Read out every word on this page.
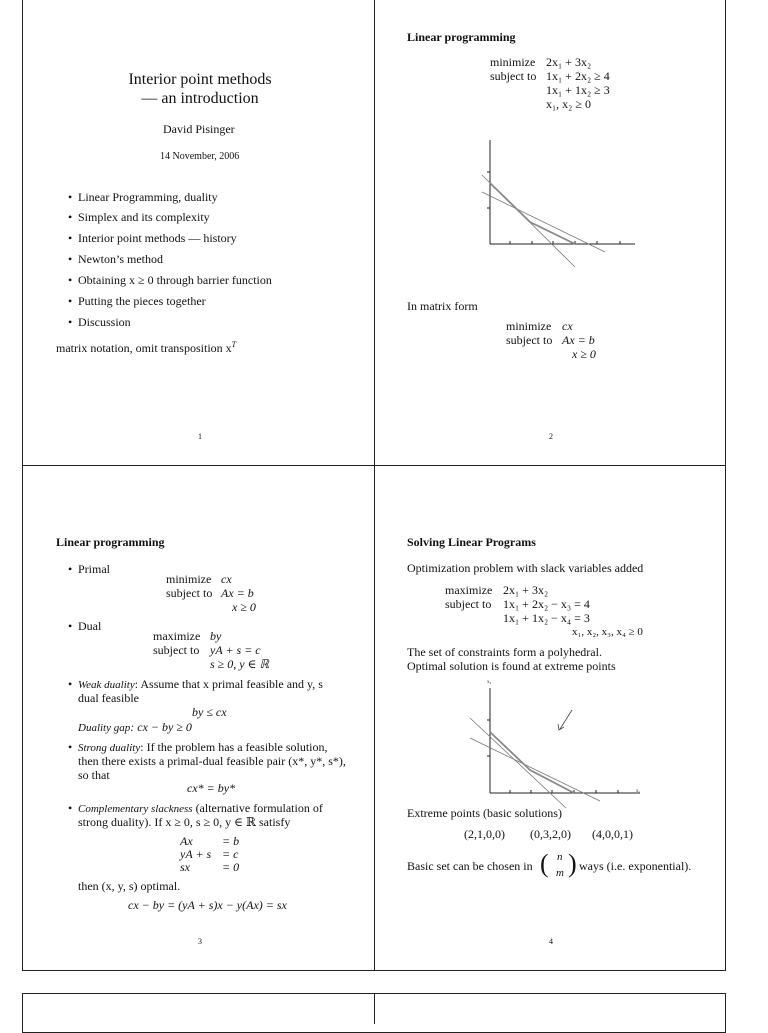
Interior point methods
— an introduction
David Pisinger
14 November, 2006
• Linear Programming, duality
• Simplex and its complexity
• Interior point methods — history
• Newton’s method
• Obtaining x ≥ 0 through barrier function
• Putting the pieces together
• Discussion
matrix notation, omit transposition $x^T$
1
Linear programming
minimize 2x₁ + 3x₂
subject to 1x₁ + 2x₂ ≥ 4
1x₁ + 1x₂ ≥ 3
x₁, x₂ ≥ 0
In matrix form
minimize cx
subject to Ax = b
x ≥ 0
2
Linear programming
• Primal
minimize cx
subject to Ax = b
x ≥ 0
• Dual
maximize by
subject to yA + s = c
s ≥ 0, y ∈ ℝ
• Weak duality: Assume that x primal feasible and y, s
dual feasible
by ≤ cx
Duality gap: cx − by ≥ 0
• Strong duality: If the problem has a feasible solution,
then there exists a primal-dual feasible pair (x*, y*, s*),
so that
cx* = by*
• Complementary slackness (alternative formulation of
strong duality). If x ≥ 0, s ≥ 0, y ∈ ℝ satisfy
Ax = b
yA + s = c
sx	= 0
then (x, y, s) optimal.
cx − by = (yA + s)x − y(Ax) = sx
3
Solving Linear Programs
Optimization problem with slack variables added
maximize 2x₁ + 3x₂
subject to 1x₁ + 2x₂ − x₃ = 4
1x₁ + 1x₂ − x₄ = 3
x₁, x₂, x₃, x₄ ≥ 0
The set of constraints form a polyhedral.
Optimal solution is found at extreme points
x₂
x₁
Extreme points (basic solutions)
(2,1,0,0) (0,3,2,0) (4,0,0,1)
Basic set can be chosen in ( n
m ) ways (i.e. exponential).
4
